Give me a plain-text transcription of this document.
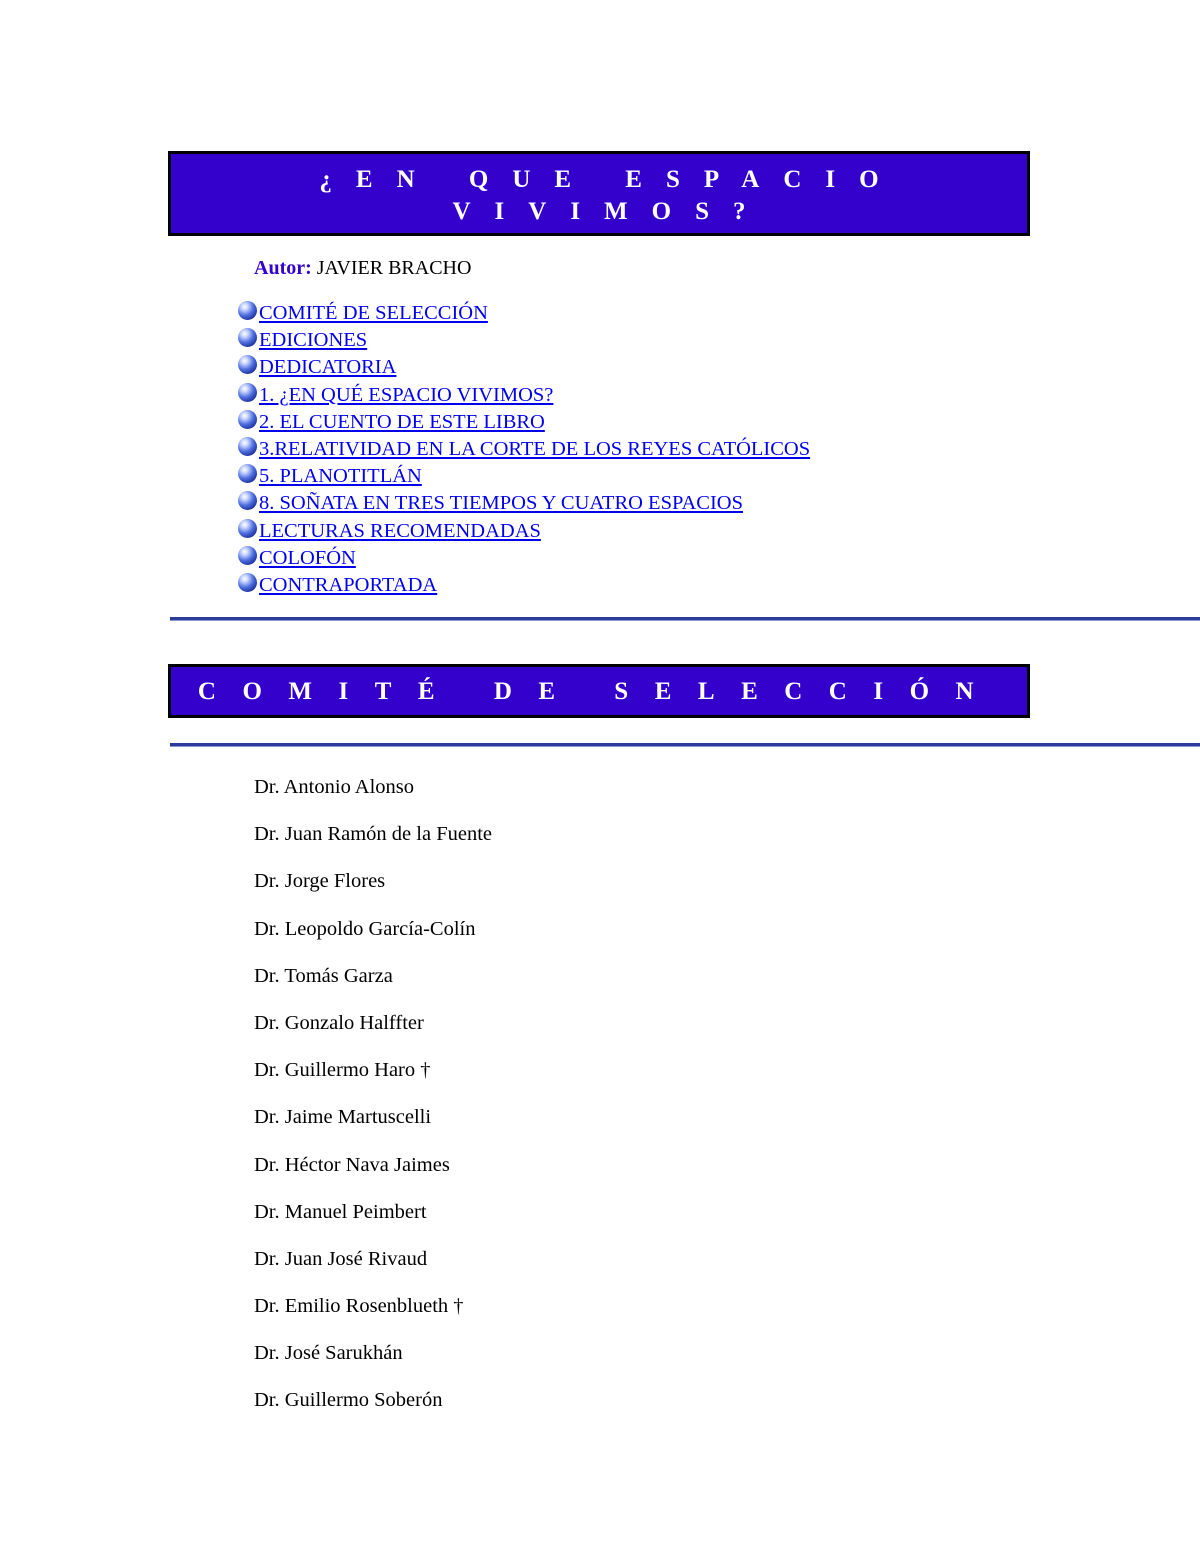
¿EN QUE ESPACIO
VIVIMOS?
Autor: JAVIER BRACHO
COMITÉ DE SELECCIÓN
EDICIONES
DEDICATORIA
1. ¿EN QUÉ ESPACIO VIVIMOS?
2. EL CUENTO DE ESTE LIBRO
3.RELATIVIDAD EN LA CORTE DE LOS REYES CATÓLICOS
5. PLANOTITLÁN
8. SOÑATA EN TRES TIEMPOS Y CUATRO ESPACIOS
LECTURAS RECOMENDADAS
COLOFÓN
CONTRAPORTADA
COMITÉ DE SELECCIÓN
Dr. Antonio Alonso
Dr. Juan Ramón de la Fuente
Dr. Jorge Flores
Dr. Leopoldo García-Colín
Dr. Tomás Garza
Dr. Gonzalo Halffter
Dr. Guillermo Haro †
Dr. Jaime Martuscelli
Dr. Héctor Nava Jaimes
Dr. Manuel Peimbert
Dr. Juan José Rivaud
Dr. Emilio Rosenblueth †
Dr. José Sarukhán
Dr. Guillermo Soberón
